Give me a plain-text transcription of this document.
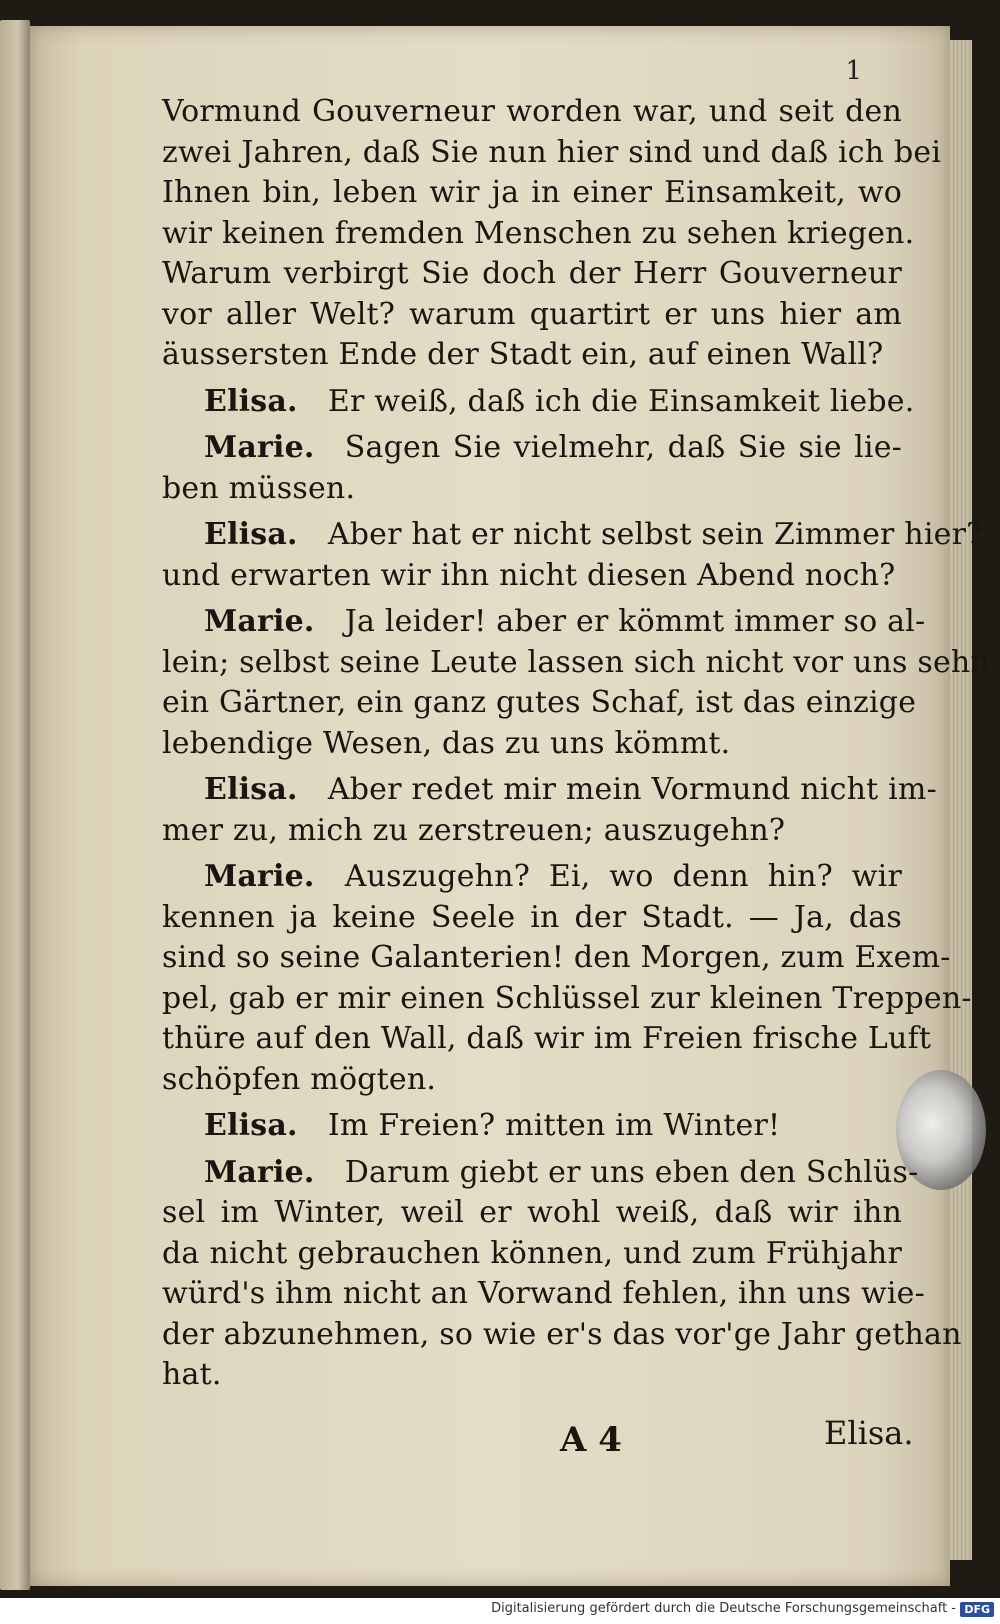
1
Vormund Gouverneur worden war, und seit den
zwei Jahren, daß Sie nun hier sind und daß ich bei
Ihnen bin, leben wir ja in einer Einsamkeit, wo
wir keinen fremden Menschen zu sehen kriegen.
Warum verbirgt Sie doch der Herr Gouverneur
vor aller Welt? warum quartirt er uns hier am
äussersten Ende der Stadt ein, auf einen Wall?
Elisa.  Er weiß, daß ich die Einsamkeit liebe.
Marie.  Sagen Sie vielmehr, daß Sie sie lie-
ben müssen.
Elisa.  Aber hat er nicht selbst sein Zimmer hier?
und erwarten wir ihn nicht diesen Abend noch?
Marie.  Ja leider! aber er kömmt immer so al-
lein; selbst seine Leute lassen sich nicht vor uns sehn;
ein Gärtner, ein ganz gutes Schaf, ist das einzige
lebendige Wesen, das zu uns kömmt.
Elisa.  Aber redet mir mein Vormund nicht im-
mer zu, mich zu zerstreuen; auszugehn?
Marie.  Auszugehn? Ei, wo denn hin? wir
kennen ja keine Seele in der Stadt. — Ja, das
sind so seine Galanterien! den Morgen, zum Exem-
pel, gab er mir einen Schlüssel zur kleinen Treppen-
thüre auf den Wall, daß wir im Freien frische Luft
schöpfen mögten.
Elisa.  Im Freien? mitten im Winter!
Marie.  Darum giebt er uns eben den Schlüs-
sel im Winter, weil er wohl weiß, daß wir ihn
da nicht gebrauchen können, und zum Frühjahr
würd's ihm nicht an Vorwand fehlen, ihn uns wie-
der abzunehmen, so wie er's das vor'ge Jahr gethan
hat.
A 4	Elisa.
Digitalisierung gefördert durch die Deutsche Forschungsgemeinschaft - DFG
